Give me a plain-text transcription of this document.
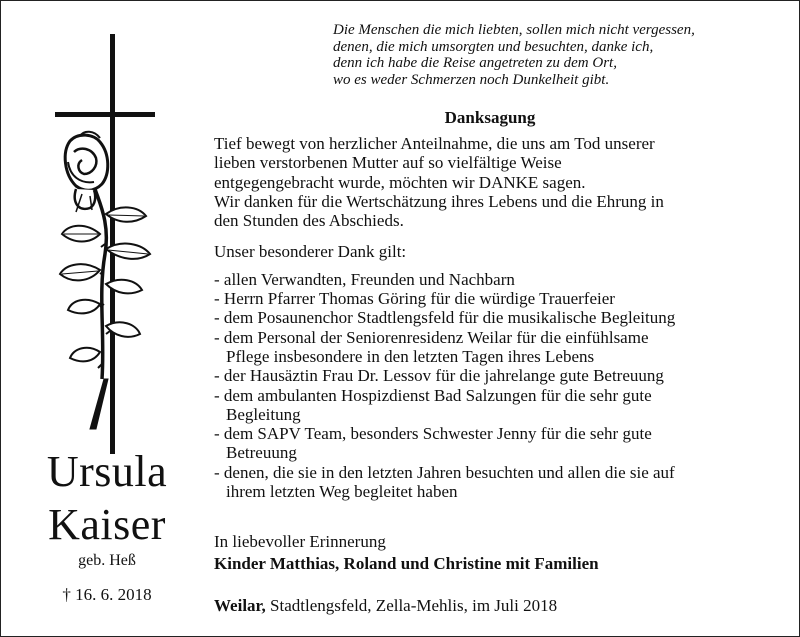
Die Menschen die mich liebten, sollen mich nicht vergessen,
denen, die mich umsorgten und besuchten, danke ich,
denn ich habe die Reise angetreten zu dem Ort,
wo es weder Schmerzen noch Dunkelheit gibt.
Ursula
Kaiser
geb. Heß
† 16. 6. 2018
Danksagung
Tief bewegt von herzlicher Anteilnahme, die uns am Tod unserer
lieben verstorbenen Mutter auf so vielfältige Weise
entgegengebracht wurde, möchten wir DANKE sagen.
Wir danken für die Wertschätzung ihres Lebens und die Ehrung in
den Stunden des Abschieds.
Unser besonderer Dank gilt:
- allen Verwandten, Freunden und Nachbarn
- Herrn Pfarrer Thomas Göring für die würdige Trauerfeier
- dem Posaunenchor Stadtlengsfeld für die musikalische Begleitung
- dem Personal der Seniorenresidenz Weilar für die einfühlsame
Pflege insbesondere in den letzten Tagen ihres Lebens
- der Hausäztin Frau Dr. Lessov für die jahrelange gute Betreuung
- dem ambulanten Hospizdienst Bad Salzungen für die sehr gute
Begleitung
- dem SAPV Team, besonders Schwester Jenny für die sehr gute
Betreuung
- denen, die sie in den letzten Jahren besuchten und allen die sie auf
ihrem letzten Weg begleitet haben
In liebevoller Erinnerung
Kinder Matthias, Roland und Christine mit Familien
Weilar, Stadtlengsfeld, Zella-Mehlis, im Juli 2018
